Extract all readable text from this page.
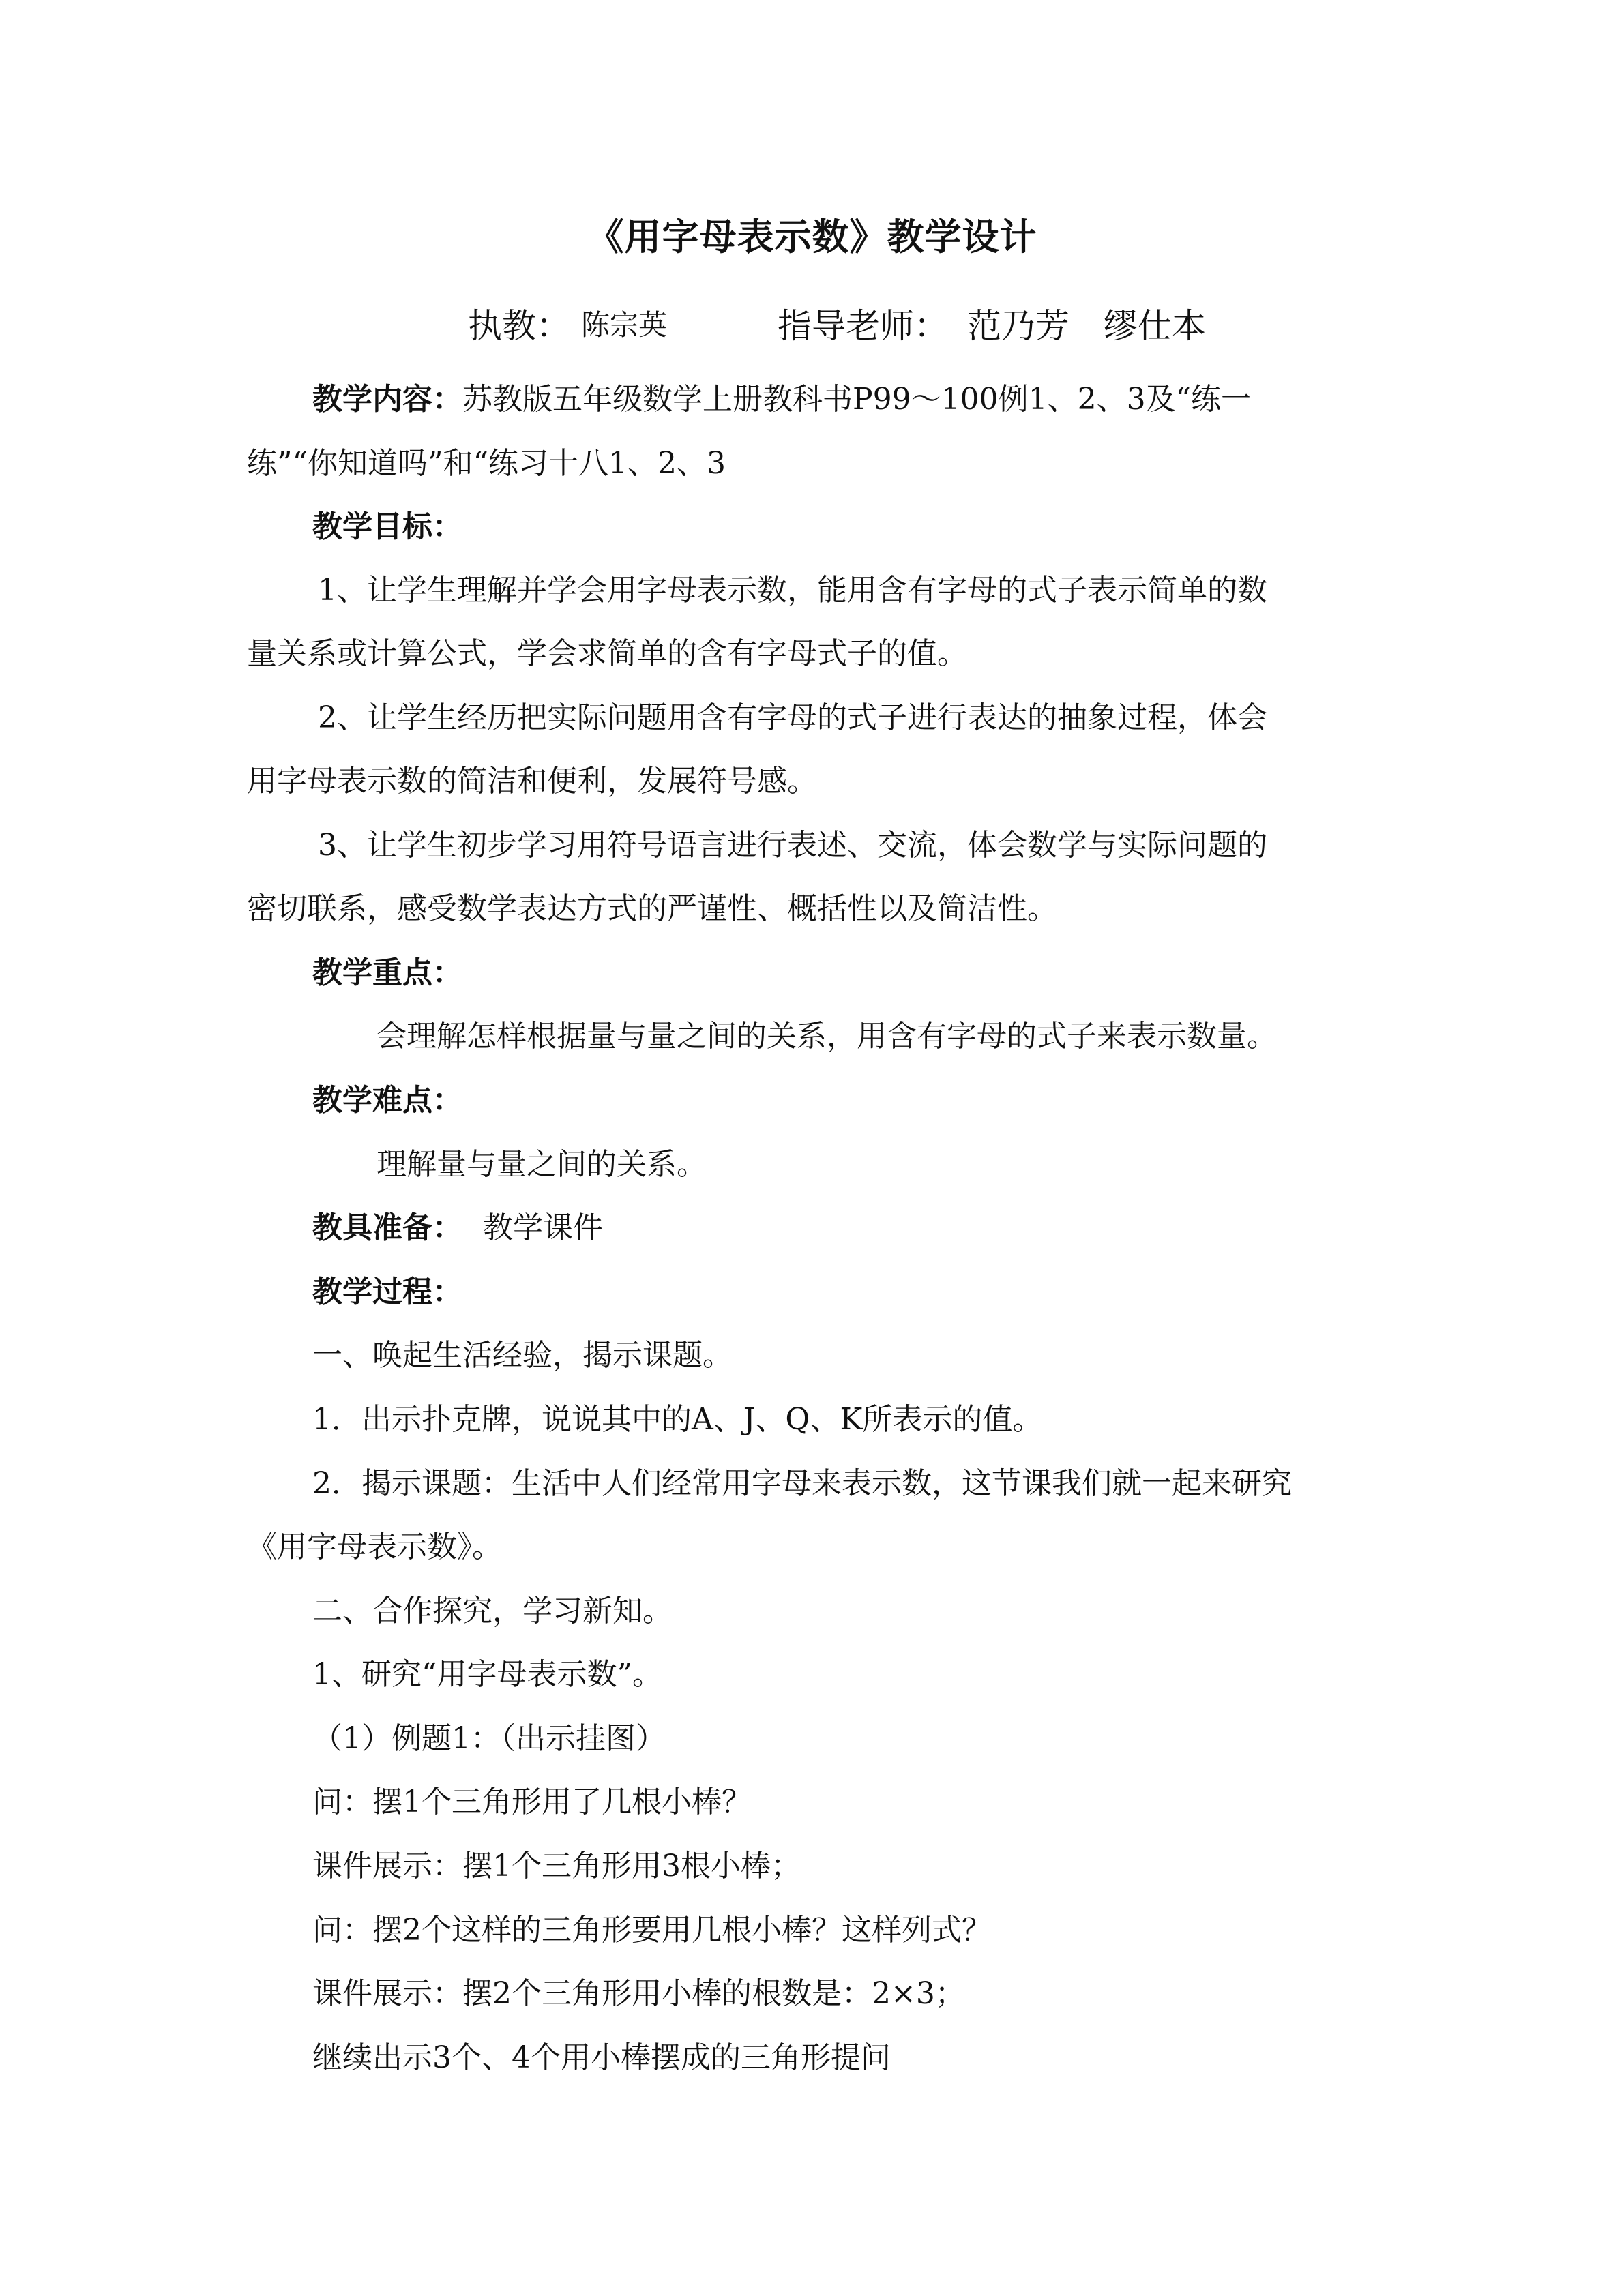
《用字母表示数》教学设计
执教： 陈宗英	指导老师： 范乃芳　缪仕本
教学内容：苏教版五年级数学上册教科书P99～100例1、2、3及“练一
练”“你知道吗”和“练习十八1、2、3
教学目标：
1、让学生理解并学会用字母表示数，能用含有字母的式子表示简单的数
量关系或计算公式，学会求简单的含有字母式子的值。
2、让学生经历把实际问题用含有字母的式子进行表达的抽象过程，体会
用字母表示数的简洁和便利，发展符号感。
3、让学生初步学习用符号语言进行表述、交流，体会数学与实际问题的
密切联系，感受数学表达方式的严谨性、概括性以及简洁性。
教学重点：
会理解怎样根据量与量之间的关系，用含有字母的式子来表示数量。
教学难点：
理解量与量之间的关系。
教具准备： 教学课件
教学过程：
一、唤起生活经验，揭示课题。
1．出示扑克牌，说说其中的A、J、Q、K所表示的值。
2．揭示课题：生活中人们经常用字母来表示数，这节课我们就一起来研究
《用字母表示数》。
二、合作探究，学习新知。
1、研究“用字母表示数”。
（1）例题1：（出示挂图）
问：摆1个三角形用了几根小棒？
课件展示：摆1个三角形用3根小棒；
问：摆2个这样的三角形要用几根小棒？这样列式？
课件展示：摆2个三角形用小棒的根数是：2×3；
继续出示3个、4个用小棒摆成的三角形提问
